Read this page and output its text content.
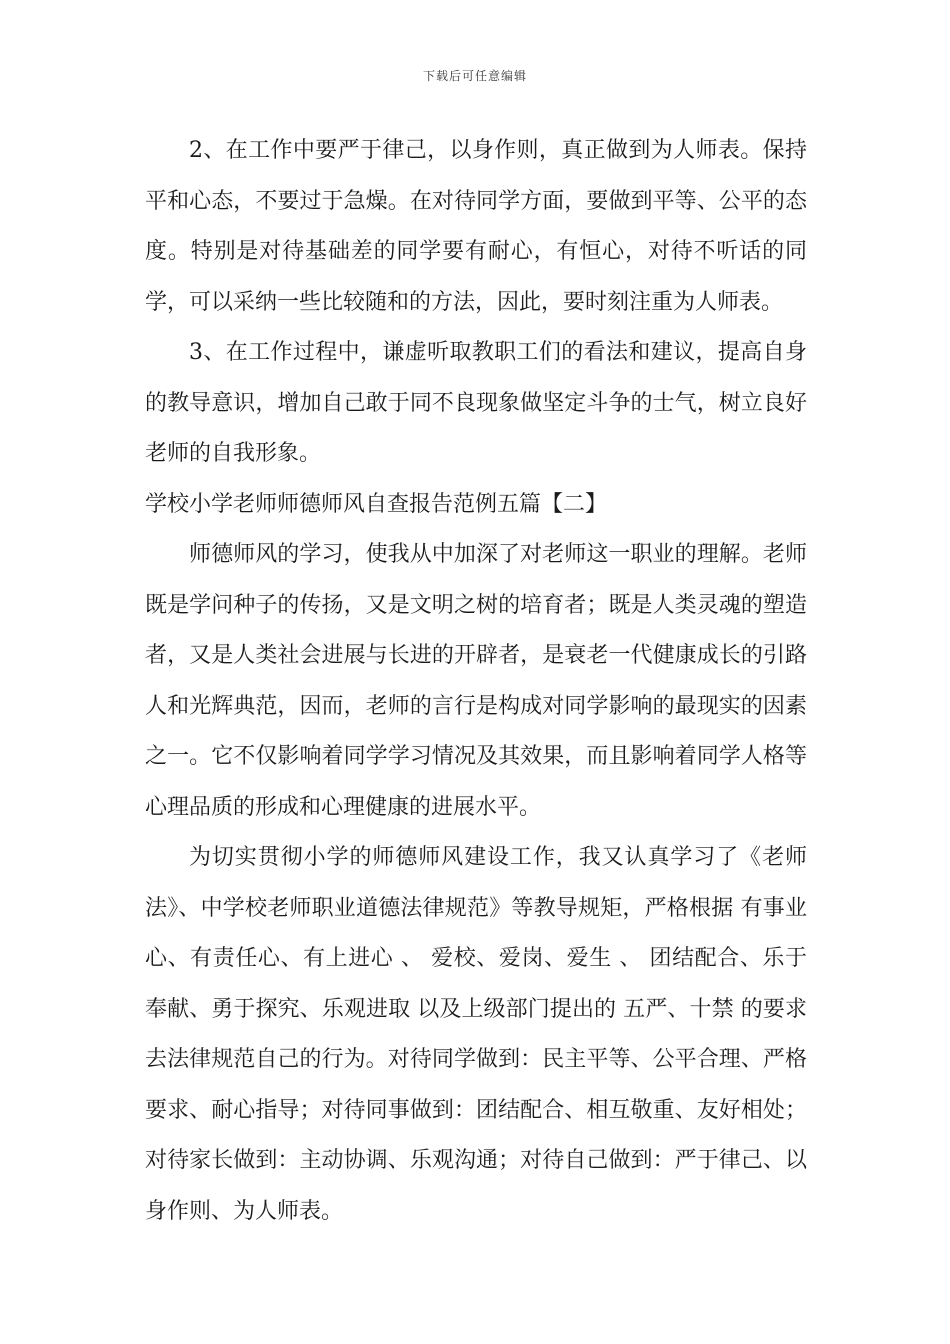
下载后可任意编辑

2、在工作中要严于律己，以身作则，真正做到为人师表。保持平和心态，不要过于急燥。在对待同学方面，要做到平等、公平的态度。特别是对待基础差的同学要有耐心，有恒心，对待不听话的同学，可以采纳一些比较随和的方法，因此，要时刻注重为人师表。

3、在工作过程中，谦虚听取教职工们的看法和建议，提高自身的教导意识，增加自己敢于同不良现象做坚定斗争的士气，树立良好老师的自我形象。

学校小学老师师德师风自查报告范例五篇【二】

师德师风的学习，使我从中加深了对老师这一职业的理解。老师既是学问种子的传扬，又是文明之树的培育者；既是人类灵魂的塑造者，又是人类社会进展与长进的开辟者，是衰老一代健康成长的引路人和光辉典范，因而，老师的言行是构成对同学影响的最现实的因素之一。它不仅影响着同学学习情况及其效果，而且影响着同学人格等心理品质的形成和心理健康的进展水平。

为切实贯彻小学的师德师风建设工作，我又认真学习了《老师法》、中学校老师职业道德法律规范》等教导规矩，严格根据 有事业心、有责任心、有上进心 、 爱校、爱岗、爱生 、 团结配合、乐于奉献、勇于探究、乐观进取 以及上级部门提出的 五严、十禁 的要求去法律规范自己的行为。对待同学做到：民主平等、公平合理、严格要求、耐心指导；对待同事做到：团结配合、相互敬重、友好相处；对待家长做到：主动协调、乐观沟通；对待自己做到：严于律己、以身作则、为人师表。
